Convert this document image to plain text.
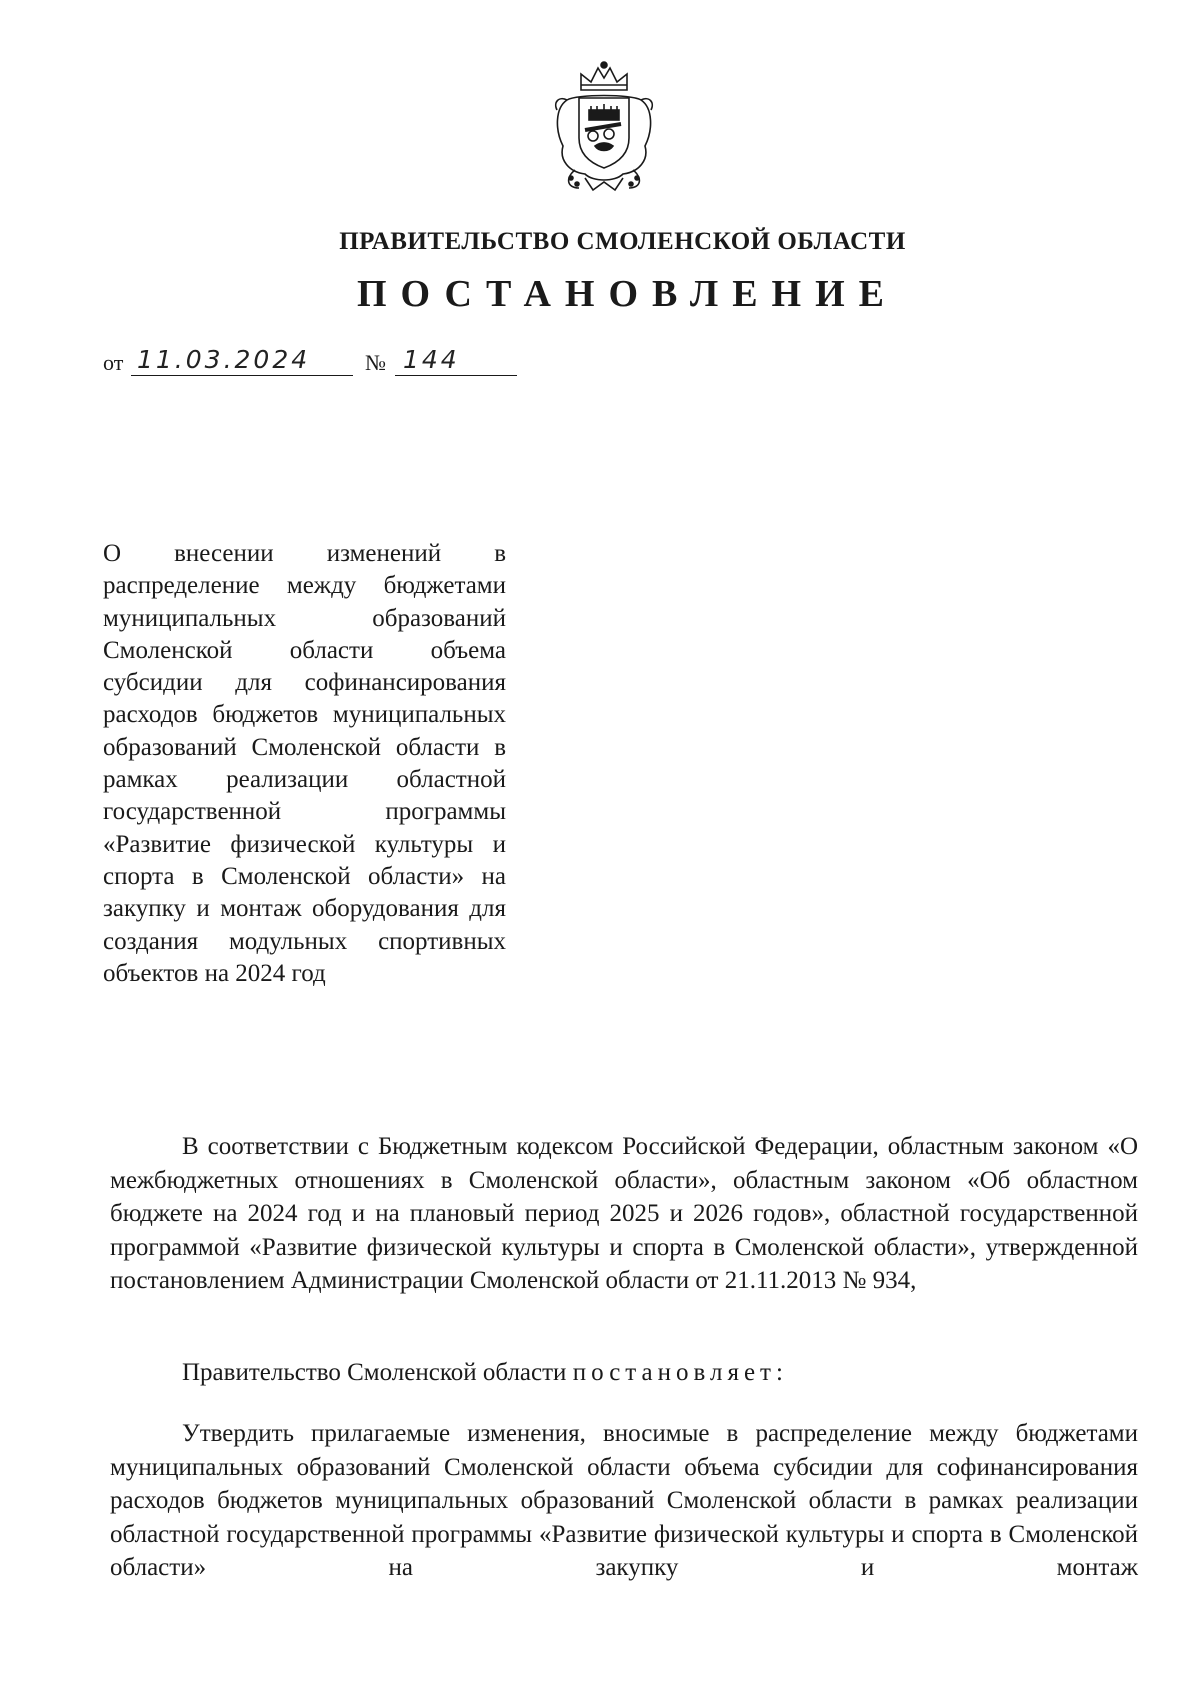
ПРАВИТЕЛЬСТВО СМОЛЕНСКОЙ ОБЛАСТИ
ПОСТАНОВЛЕНИЕ
от 11.03.2024	№ 144
О внесении изменений в распределение между бюджетами муниципальных образований Смоленской области объема субсидии для софинансирования расходов бюджетов муниципальных образований Смоленской области в рамках реализации областной государственной программы «Развитие физической культуры и спорта в Смоленской области» на закупку и монтаж оборудования для создания модульных спортивных
объектов на 2024 год
В соответствии с Бюджетным кодексом Российской Федерации, областным законом «О межбюджетных отношениях в Смоленской области», областным законом «Об областном бюджете на 2024 год и на плановый период 2025 и 2026 годов», областной государственной программой «Развитие физической культуры и спорта в Смоленской области», утвержденной постановлением Администрации Смоленской области от 21.11.2013 № 934,
Правительство Смоленской области постановляет:
Утвердить прилагаемые изменения, вносимые в распределение между бюджетами муниципальных образований Смоленской области объема субсидии для софинансирования расходов бюджетов муниципальных образований Смоленской области в рамках реализации областной государственной программы «Развитие физической культуры и спорта в Смоленской области» на закупку и монтаж
